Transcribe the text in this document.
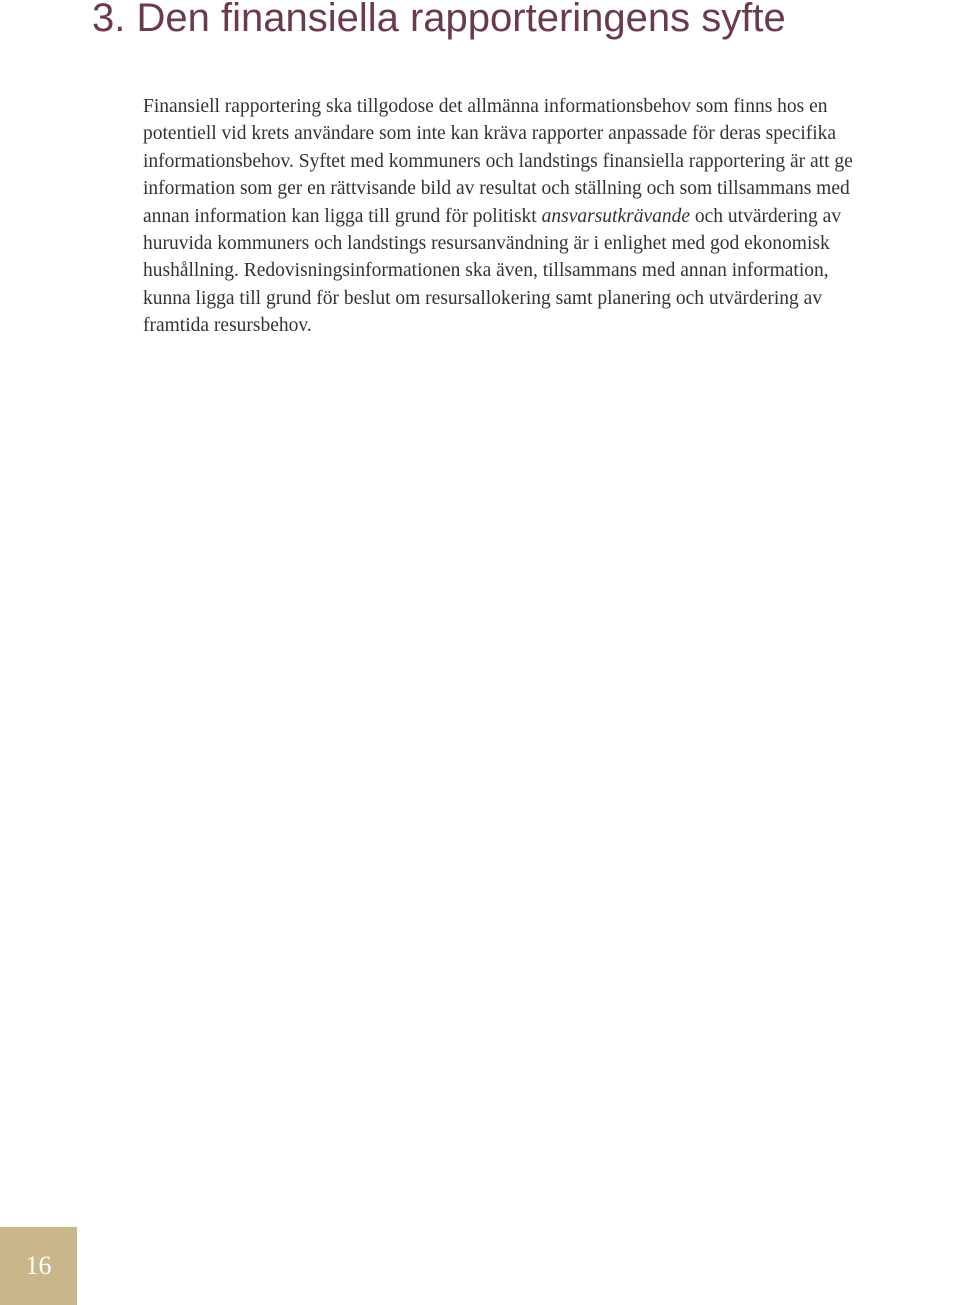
3. Den finansiella rapporteringens syfte

Finansiell rapportering ska tillgodose det allmänna informationsbehov som finns hos en
potentiell vid krets användare som inte kan kräva rapporter anpassade för deras specifika
informationsbehov. Syftet med kommuners och landstings finansiella rapportering är att ge
information som ger en rättvisande bild av resultat och ställning och som tillsammans med
annan information kan ligga till grund för politiskt ansvarsutkrävande och utvärdering av
huruvida kommuners och landstings resursanvändning är i enlighet med god ekonomisk
hushållning. Redovisningsinformationen ska även, tillsammans med annan information,
kunna ligga till grund för beslut om resursallokering samt planering och utvärdering av
framtida resursbehov.

16
